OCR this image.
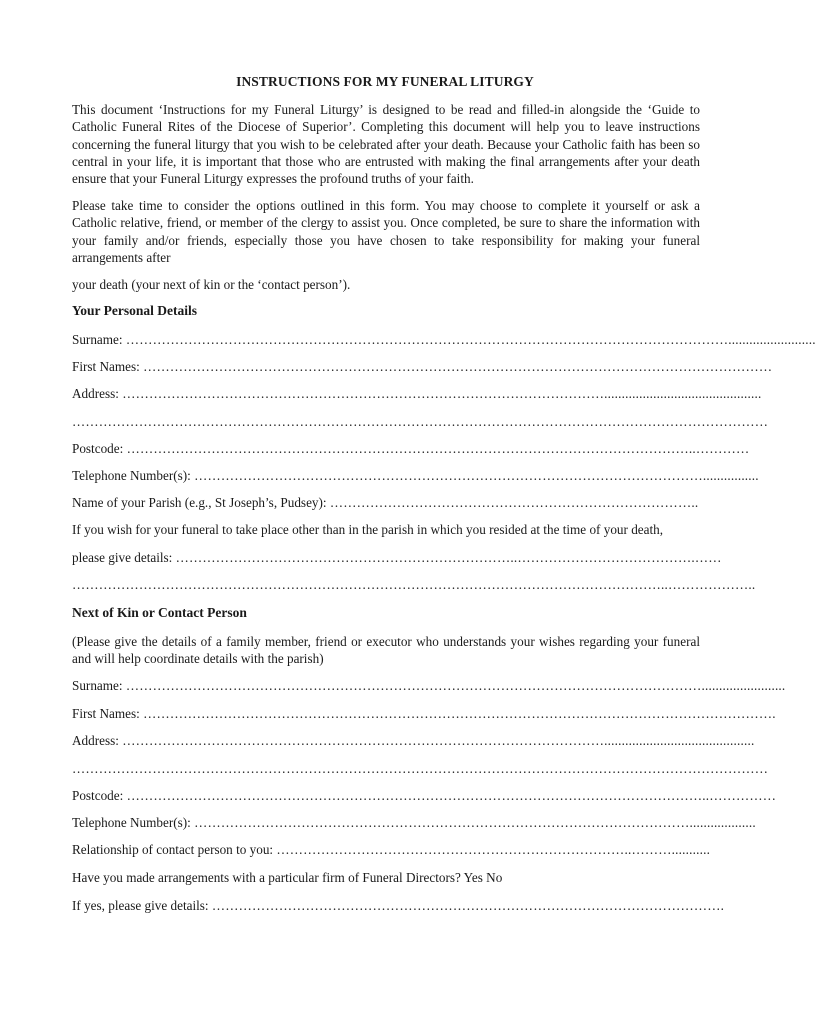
INSTRUCTIONS FOR MY FUNERAL LITURGY
This document ‘Instructions for my Funeral Liturgy’ is designed to be read and filled-in alongside the ‘Guide to Catholic Funeral Rites of the Diocese of Superior’. Completing this document will help you to leave instructions concerning the funeral liturgy that you wish to be celebrated after your death. Because your Catholic faith has been so central in your life, it is important that those who are entrusted with making the final arrangements after your death ensure that your Funeral Liturgy expresses the profound truths of your faith.
Please take time to consider the options outlined in this form. You may choose to complete it yourself or ask a Catholic relative, friend, or member of the clergy to assist you. Once completed, be sure to share the information with your family and/or friends, especially those you have chosen to take responsibility for making your funeral arrangements after
your death (your next of kin or the ‘contact person’).
Your Personal Details
Surname: ……………………………………………………………………………………………………………………….........................
First Names: ……………………………………………………………………………………………………………………………
Address: ……………………………………………………………………………………………….............................................
…………………………………………………………………………………………………………………………………………
Postcode: ………………………………………………………………………………………………………………..…………
Telephone Number(s): ……………………………………………………………………………………………………................
Name of your Parish (e.g., St Joseph’s, Pudsey): ………………………………………………………………………..
If you wish for your funeral to take place other than in the parish in which you resided at the time of your death,
please give details: …………………………………………………………………..………………………………….……
……………………………………………………………………………………………………………………..………………..
Next of Kin or Contact Person
(Please give the details of a family member, friend or executor who understands your wishes regarding your funeral and will help coordinate details with the parish)
Surname: …………………………………………………………………………………………………………………........................
First Names: …………………………………………………………………………………………………………………………….
Address: ………………………………………………………………………………………………...........................................
…………………………………………………………………………………………………………………………………………
Postcode: …………………………………………………………………………………………………………………..……………
Telephone Number(s): …………………………………………………………………………………………………...................
Relationship of contact person to you: ……………………………………………………………………..………...........
Have you made arrangements with a particular firm of Funeral Directors? Yes No
If yes, please give details: …………………………………………………………………………………………………….
